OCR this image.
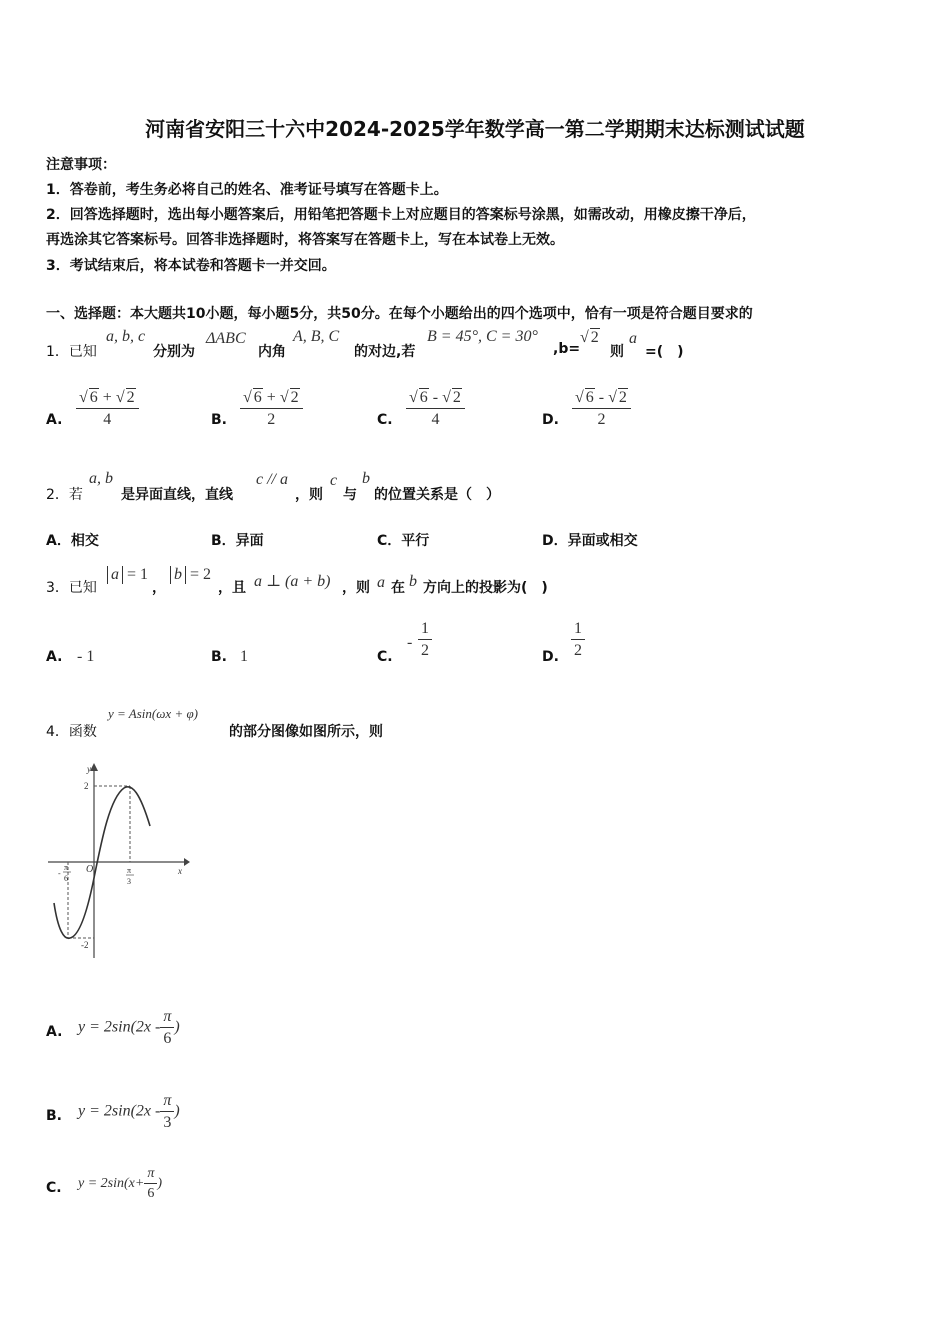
河南省安阳三十六中2024-2025学年数学高一第二学期期末达标测试试题
注意事项：
1．答卷前，考生务必将自己的姓名、准考证号填写在答题卡上。
2．回答选择题时，选出每小题答案后，用铅笔把答题卡上对应题目的答案标号涂黑，如需改动，用橡皮擦干净后，
再选涂其它答案标号。回答非选择题时，将答案写在答题卡上，写在本试卷上无效。
3．考试结束后，将本试卷和答题卡一并交回。
一、选择题：本大题共10小题，每小题5分，共50分。在每个小题给出的四个选项中，恰有一项是符合题目要求的
1．已知
a, b, c
分别为
ΔABC
内角
A, B, C
的对边,若
B = 45°, C = 30°
,b=
√ 2
则
a
=(　)
A. $\frac{√ 6 + √ 2}{4}$	B. $\frac{√ 6 + √ 2}{2}$	C. $\frac{√ 6 - √ 2}{4}$	D. $\frac{√ 6 - √ 2}{2}$
2．若
a, b
是异面直线，直线
c // a
，则
c
与
b
的位置关系是（　）
A．相交	B．异面	C．平行	D．异面或相交
3．已知
a = 1
，
b = 2
，且 a ⊥ (a + b) ，则 a 在 b 方向上的投影为(　)
A. - 1	B. 1	C.
- $\frac{1}{2}$	D. $\frac{1}{2}$
4．函数
y = Asin(ωx + φ)
的部分图像如图所示，则
y
x
O
2
-2
-
π
6
π
3
A. $y = 2\sin(2x - \frac{\pi}{6}$ )
B. $y = 2\sin(2x - \frac{\pi}{3}$ )
C. $y = 2\sin(x+ \frac{\pi}{6}$ )
